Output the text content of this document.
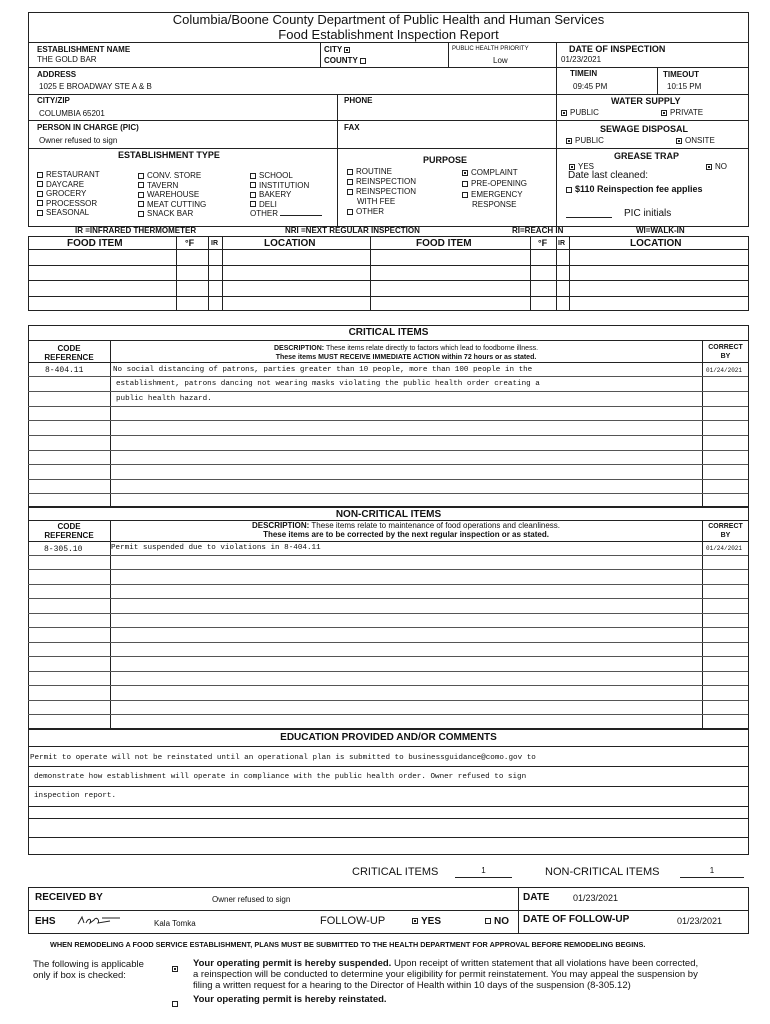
Columbia/Boone County Department of Public Health and Human Services
Food Establishment Inspection Report
ESTABLISHMENT NAME
THE GOLD BAR
CITY
COUNTY
PUBLIC HEALTH PRIORITY
Low
DATE OF INSPECTION
01/23/2021
ADDRESS
1025 E BROADWAY STE A & B
TIMEIN
09:45 PM
TIMEOUT
10:15 PM
CITY/ZIP
COLUMBIA 65201
PHONE	WATER SUPPLY
PUBLIC	PRIVATE
PERSON IN CHARGE (PIC)
Owner refused to sign
FAX	SEWAGE DISPOSAL
PUBLIC	ONSITE
ESTABLISHMENT TYPE
RESTAURANT
DAYCARE
GROCERY
PROCESSOR
SEASONAL
CONV. STORE
TAVERN
WAREHOUSE
MEAT CUTTING
SNACK BAR
SCHOOL
INSTITUTION
BAKERY
DELI
OTHER
PURPOSE
ROUTINE
REINSPECTION
REINSPECTION
WITH FEE
OTHER
COMPLAINT
PRE-OPENING
EMERGENCY
RESPONSE
GREASE TRAP
YES	NO
Date last cleaned:
$110 Reinspection fee applies
PIC initials
IR =INFRARED THERMOMETER	NRI =NEXT REGULAR INSPECTION	RI=REACH IN	WI=WALK-IN
FOOD ITEM	°F IR	LOCATION	FOOD ITEM	°F IR	LOCATION
CRITICAL ITEMS
CODE
REFERENCE
DESCRIPTION: These items relate directly to factors which lead to foodborne illness.
These items MUST RECEIVE IMMEDIATE ACTION within 72 hours or as stated.
CORRECT
BY
8-404.11	No social distancing of patrons, parties greater than 10 people, more than 100 people in the
establishment, patrons dancing not wearing masks violating the public health order creating a
public health hazard.
01/24/2021
NON-CRITICAL ITEMS
CODE
REFERENCE
DESCRIPTION: These items relate to maintenance of food operations and cleanliness.
These items are to be corrected by the next regular inspection or as stated.
CORRECT
BY
8-305.10	Permit suspended due to violations in 8-404.11	01/24/2021
EDUCATION PROVIDED AND/OR COMMENTS
Permit to operate will not be reinstated until an operational plan is submitted to businessguidance@como.gov to
demonstrate how establishment will operate in compliance with the public health order. Owner refused to sign
inspection report.
CRITICAL ITEMS	1	NON-CRITICAL ITEMS	1
RECEIVED BY	Owner refused to sign	DATE	01/23/2021
EHS	Kala Tomka	FOLLOW-UP	YES	NO DATE OF FOLLOW-UP	01/23/2021
WHEN REMODELING A FOOD SERVICE ESTABLISHMENT, PLANS MUST BE SUBMITTED TO THE HEALTH DEPARTMENT FOR APPROVAL BEFORE REMODELING BEGINS.
The following is applicable
only if box is checked:
Your operating permit is hereby suspended. Upon receipt of written statement that all violations have been corrected,
a reinspection will be conducted to determine your eligibility for permit reinstatement. You may appeal the suspension by
filing a written request for a hearing to the Director of Health within 10 days of the suspension (8-305.12)
Your operating permit is hereby reinstated.
